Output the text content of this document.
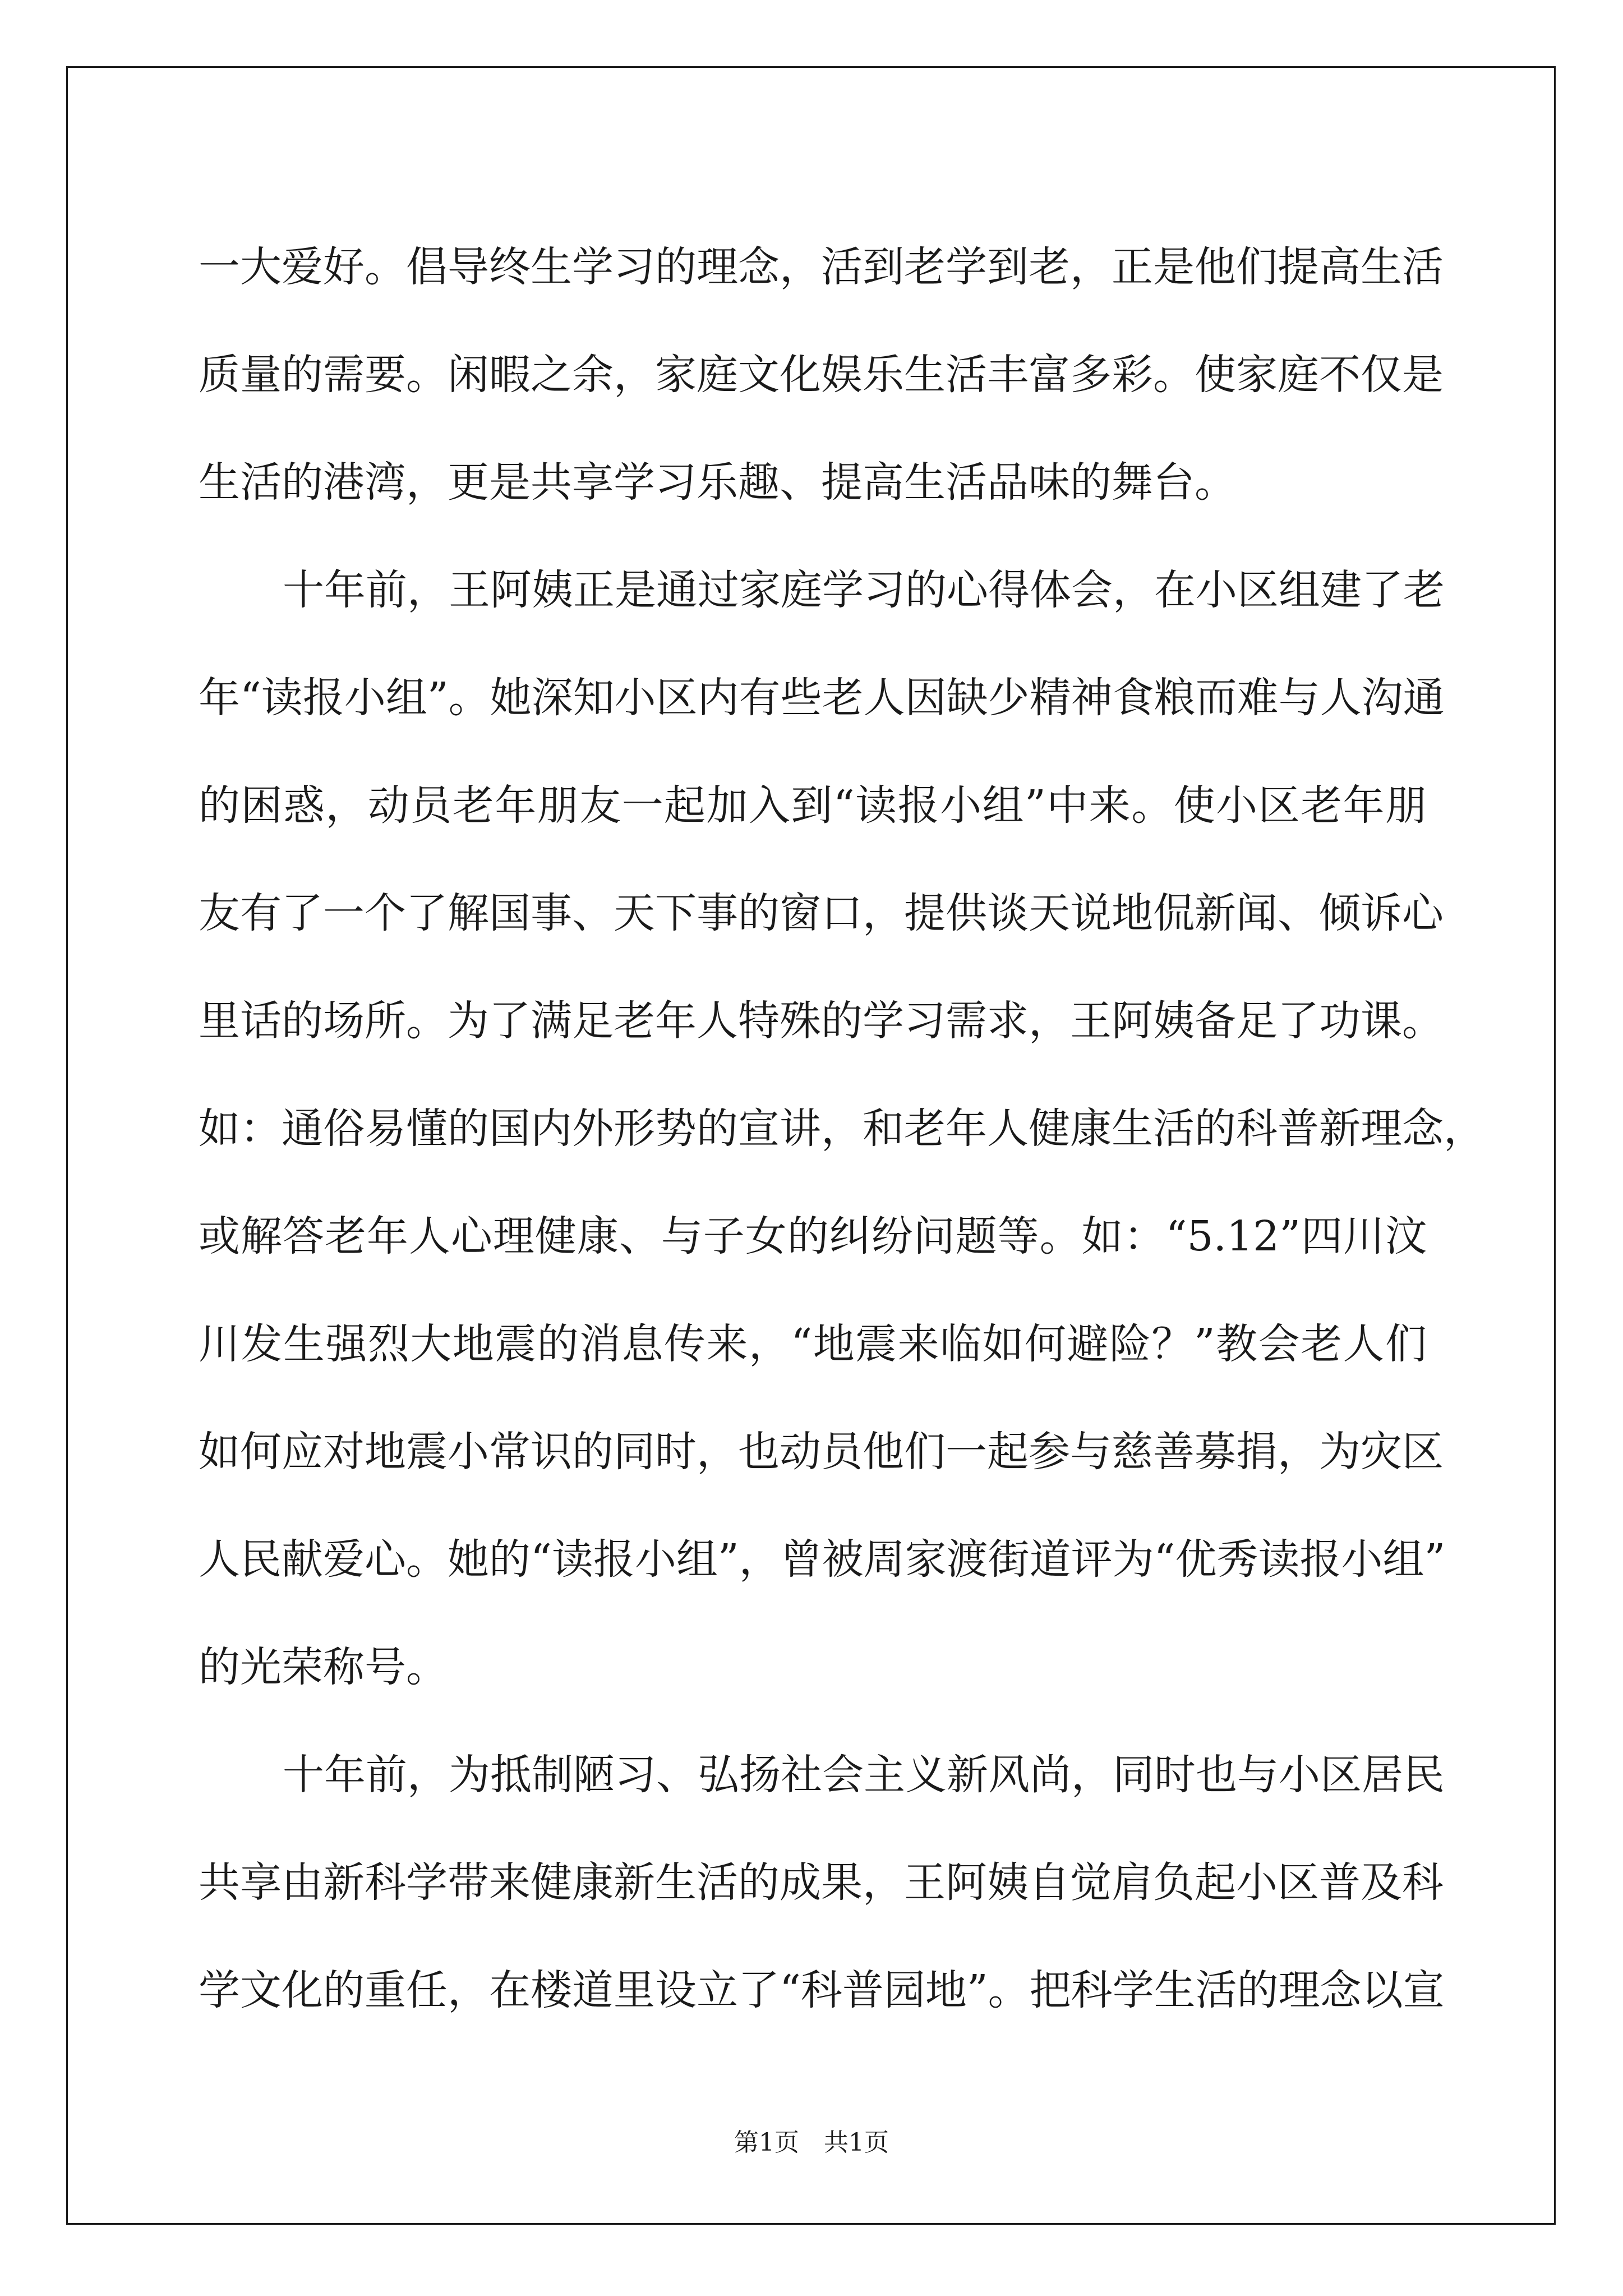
一大爱好。倡导终生学习的理念，活到老学到老，正是他们提高生活
质量的需要。闲暇之余，家庭文化娱乐生活丰富多彩。使家庭不仅是
生活的港湾，更是共享学习乐趣、提高生活品味的舞台。
十年前，王阿姨正是通过家庭学习的心得体会，在小区组建了老
年“读报小组”。她深知小区内有些老人因缺少精神食粮而难与人沟通
的困惑，动员老年朋友一起加入到“读报小组”中来。使小区老年朋
友有了一个了解国事、天下事的窗口，提供谈天说地侃新闻、倾诉心
里话的场所。为了满足老年人特殊的学习需求，王阿姨备足了功课。
如：通俗易懂的国内外形势的宣讲，和老年人健康生活的科普新理念，
或解答老年人心理健康、与子女的纠纷问题等。如：“5.12”四川汶
川发生强烈大地震的消息传来，“地震来临如何避险？”教会老人们
如何应对地震小常识的同时，也动员他们一起参与慈善募捐，为灾区
人民献爱心。她的“读报小组”，曾被周家渡街道评为“优秀读报小组”
的光荣称号。
十年前，为抵制陋习、弘扬社会主义新风尚，同时也与小区居民
共享由新科学带来健康新生活的成果，王阿姨自觉肩负起小区普及科
学文化的重任，在楼道里设立了“科普园地”。把科学生活的理念以宣
第1页　共1页
